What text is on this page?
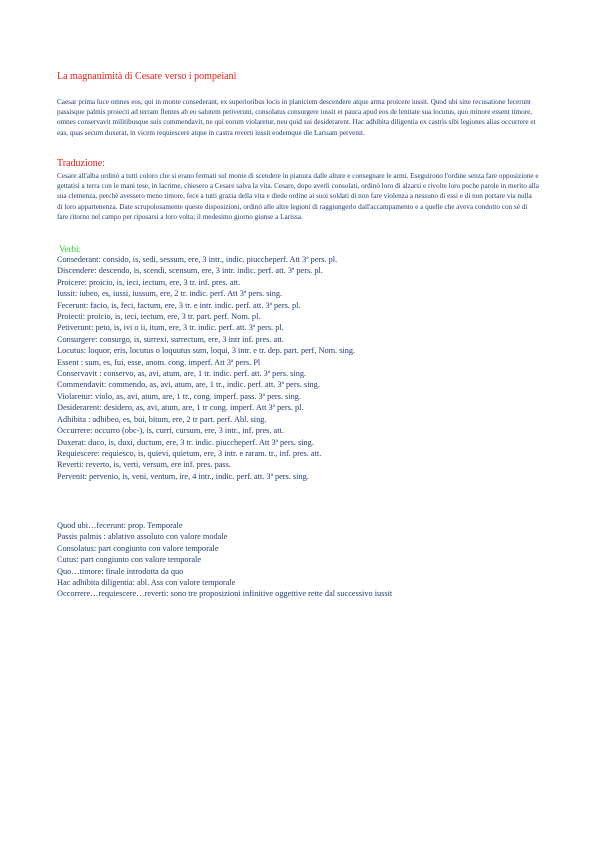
La magnanimità di Cesare verso i pompeiani
Caesar prima luce omnes eos, qui in monte consederant, ex superioribus locis in planiciem descendere atque arma proicere iussit. Quod ubi sine recusatione fecerunt passisque palmis proiecti ad terram flentes ab eo salutem petiverunt, consolatus consurgere iussit et pauca apud eos de lenitate sua locutus, quo minore essent timore, omnes conservavit militibusque suis commendavit, ne qui eorum violaretur, neu quid sui desiderarent. Hac adhibita diligentia ex castris sibi legiones alias occurrere et eas, quas secum duxerat, in vicem requiescere atque in castra reverti iussit eodemque die Larisam pervenit.
Traduzione:
Cesare all'alba ordinò a tutti coloro che si erano fermati sul monte di scendere in pianura dalle alture e consegnare le armi. Eseguirono l'ordine senza fare opposizione e gettatisi a terra con le mani tese, in lacrime, chiesero a Cesare salva la vita. Cesare, dopo averli consolati, ordinò loro di alzarsi e rivolte loro poche parole in merito alla sua clemenza, perchè avessero meno timore, fece a tutti grazia della vita e diede ordine ai suoi soldati di non fare violenza a nessuno di essi e di non portare via nulla di loro appartenenza. Date scrupolosamente queste disposizioni, ordinò alle altre legioni di raggiungerlo dall'accampamento e a quelle che aveva condotto con sè di fare ritorno nel campo per riposarsi a loro volta; il medesimo giorno giunse a Larissa.
Verbi:
Consederant: consido, is, sedi, sessum, ere, 3 intr., indic. piuccheperf. Att 3ª pers. pl.
Discendere: descendo, is, scendi, scensum, ere, 3 intr. indic. perf. att. 3ª pers. pl.
Proicere: proicio, is, ieci, iectum, ere, 3 tr. inf. pres. att.
Iussit: iubeo, es, iussi, iussum, ere, 2 tr. indic. perf. Att 3ª pers. sing.
Fecerunt: facio, is, feci, factum, ere, 3 tr. e intr. indic. perf. att. 3ª pers. pl.
Proiecti: proicio, is, ieci, iectum, ere, 3 tr. part. perf. Nom. pl.
Petiverunt: peto, is, ivi o ii, itum, ere, 3 tr. indic. perf. att. 3ª pers. pl.
Consurgere: consurgo, is, surrexi, surrectum, ere, 3 intr inf. pres. att.
Locutus: loquor, eris, locutus o loquutus sum, loqui, 3 intr. e tr. dep. part. perf, Nom. sing.
Essent : sum, es, fui, esse, anom. cong. imperf. Att 3ª pers. Pl
Conservavit : conservo, as, avi, atum, are, 1 tr. indic. perf. att. 3ª pers. sing.
Commendavit: commendo, as, avi, atum, are, 1 tr., indic. perf. att. 3ª pers. sing.
Violaretur: violo, as, avi, atum, are, 1 tr., cong. imperf. pass. 3ª pers. sing.
Desiderarent: desidero, as, avi, atum, are, 1 tr cong. imperf. Att 3ª pers. pl.
Adhibita : adhibeo, es, bui, bitum, ere, 2 tr part. perf. Abl. sing.
Occurrere: occurro (obc-), is, curri, cursum, ere, 3 intr., inf. pres. att.
Duxerat: duco, is, duxi, ductum, ere, 3 tr. indic. piuccheperf. Att 3ª pers. sing.
Requiescere: requiesco, is, quievi, quietum, ere, 3 intr. e raram. tr., inf. pres. att.
Reverti: reverto, is, verti, versum, ere inf. pres. pass.
Pervenit: pervenio, is, veni, ventum, ire, 4 intr., indic. perf. att. 3ª pers. sing.
Quod ubi…fecerunt: prop. Temporale
Passis palmis : ablativo assoluto con valore modale
Consolatus: part congiunto con valore temporale
Cutus: part congiunto con valore temporale
Quo…timore: finale introdotta da quo
Hac adhibita diligentia: abl. Ass con valore temporale
Occorrere…requiescere…reverti: sono tre proposizioni infinitive oggettive rette dal successivo iussit
